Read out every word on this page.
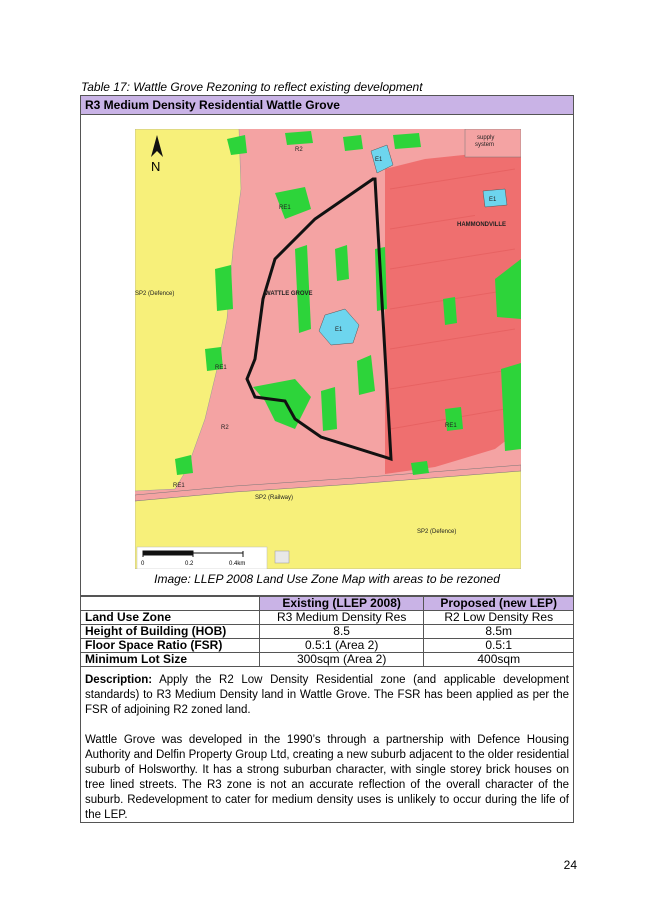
Table 17: Wattle Grove Rezoning to reflect existing development
R3 Medium Density Residential Wattle Grove
N
R2
E1
supply
system
E1
HAMMONDVILLE
RE1
SP2 (Defence)	WATTLE GROVE
E1
RE1
RE1
R2
RE1
SP2 (Railway)
SP2 (Defence)
0	0.2	0.4km
Image: LLEP 2008 Land Use Zone Map with areas to be rezoned
	Existing (LLEP 2008)	Proposed (new LEP)
Land Use Zone	R3 Medium Density Res	R2 Low Density Res
Height of Building (HOB)	8.5	8.5m
Floor Space Ratio (FSR)	0.5:1 (Area 2)	0.5:1
Minimum Lot Size	300sqm (Area 2)	400sqm

Description: Apply the R2 Low Density Residential zone (and applicable development standards) to R3 Medium Density land in Wattle Grove. The FSR has been applied as per the FSR of adjoining R2 zoned land.

Wattle Grove was developed in the 1990’s through a partnership with Defence Housing Authority and Delfin Property Group Ltd, creating a new suburb adjacent to the older residential suburb of Holsworthy. It has a strong suburban character, with single storey brick houses on tree lined streets. The R3 zone is not an accurate reflection of the overall character of the suburb. Redevelopment to cater for medium density uses is unlikely to occur during the life of the LEP.

24
